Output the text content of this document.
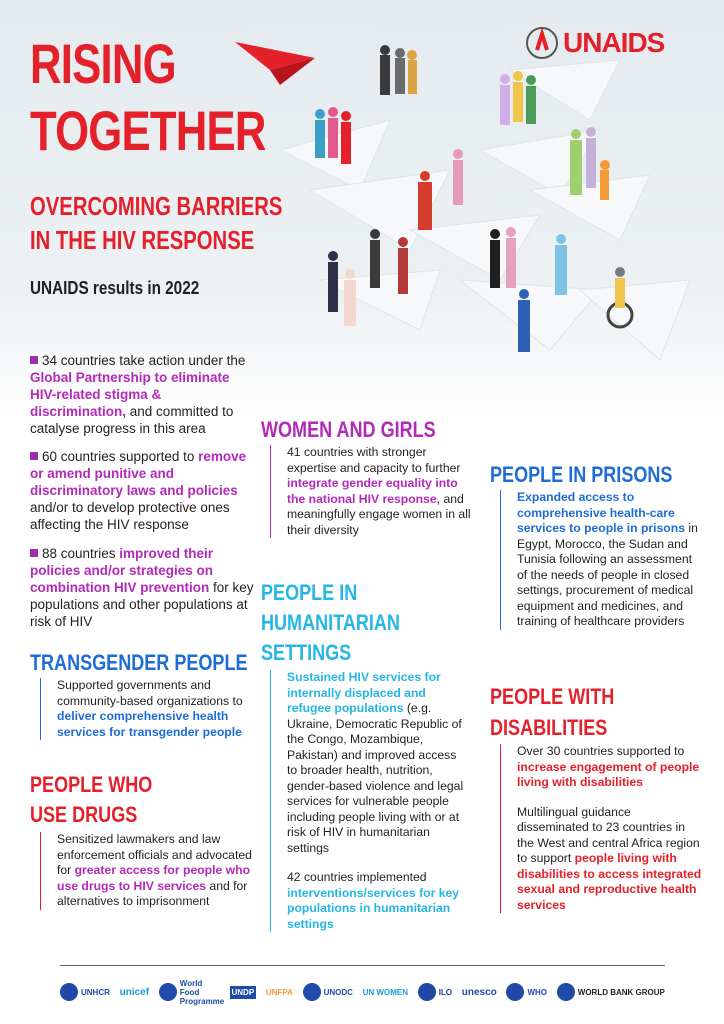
RISING
TOGETHER
OVERCOMING BARRIERS
IN THE HIV RESPONSE
UNAIDS results in 2022
UNAIDS
34 countries take action under the Global Partnership to eliminate HIV-related stigma & discrimination, and committed to catalyse progress in this area
60 countries supported to remove or amend punitive and discriminatory laws and policies and/or to develop protective ones affecting the HIV response
88 countries improved their policies and/or strategies on combination HIV prevention for key populations and other populations at risk of HIV
TRANSGENDER PEOPLE
Supported governments and community-based organizations to deliver comprehensive health services for transgender people
PEOPLE WHO
USE DRUGS
Sensitized lawmakers and law enforcement officials and advocated for greater access for people who use drugs to HIV services and for alternatives to imprisonment
WOMEN AND GIRLS
41 countries with stronger expertise and capacity to further integrate gender equality into the national HIV response, and meaningfully engage women in all their diversity
PEOPLE IN
HUMANITARIAN
SETTINGS
Sustained HIV services for internally displaced and refugee populations (e.g. Ukraine, Democratic Republic of the Congo, Mozambique, Pakistan) and improved access to broader health, nutrition, gender-based violence and legal services for vulnerable people including people living with or at risk of HIV in humanitarian settings
42 countries implemented interventions/services for key populations in humanitarian settings
PEOPLE IN PRISONS
Expanded access to comprehensive health-care services to people in prisons in Egypt, Morocco, the Sudan and Tunisia following an assessment of the needs of people in closed settings, procurement of medical equipment and medicines, and training of healthcare providers
PEOPLE WITH
DISABILITIES
Over 30 countries supported to increase engagement of people living with disabilities
Multilingual guidance disseminated to 23 countries in the West and central Africa region to support people living with disabilities to access integrated sexual and reproductive health services
UNHCR unicef
World Food Programme
UNDP UNFPA	UNODC UN WOMEN	ILO unesco	WHO	WORLD BANK GROUP
